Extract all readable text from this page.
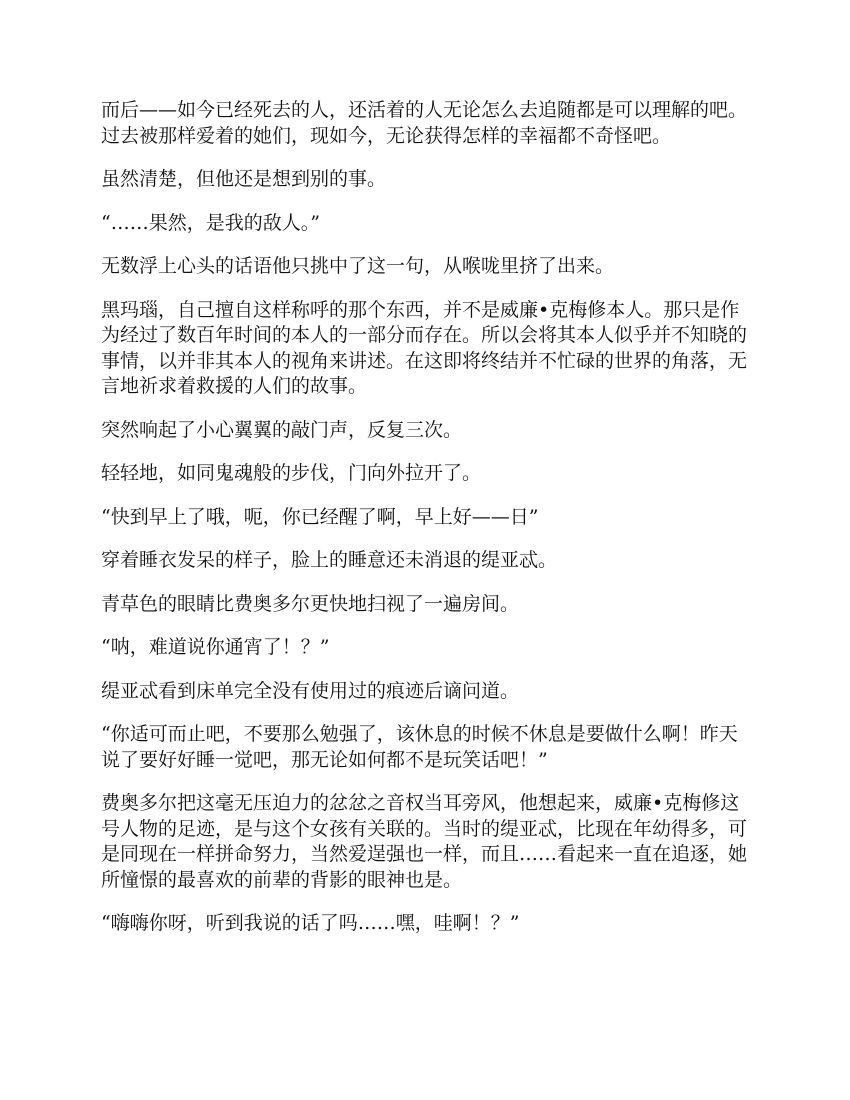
而后——如今已经死去的人，还活着的人无论怎么去追随都是可以理解的吧。过去被那样爱着的她们，现如今，无论获得怎样的幸福都不奇怪吧。

虽然清楚，但他还是想到别的事。

“……果然，是我的敌人。”

无数浮上心头的话语他只挑中了这一句，从喉咙里挤了出来。

黑玛瑙，自己擅自这样称呼的那个东西，并不是威廉•克梅修本人。那只是作为经过了数百年时间的本人的一部分而存在。所以会将其本人似乎并不知晓的事情，以并非其本人的视角来讲述。在这即将终结并不忙碌的世界的角落，无言地祈求着救援的人们的故事。

突然响起了小心翼翼的敲门声，反复三次。

轻轻地，如同鬼魂般的步伐，门向外拉开了。

“快到早上了哦，呃，你已经醒了啊，早上好——日”

穿着睡衣发呆的样子，脸上的睡意还未消退的缇亚忒。

青草色的眼睛比费奥多尔更快地扫视了一遍房间。

“呐，难道说你通宵了！？”

缇亚忒看到床单完全没有使用过的痕迹后谪问道。

“你适可而止吧，不要那么勉强了，该休息的时候不休息是要做什么啊！昨天说了要好好睡一觉吧，那无论如何都不是玩笑话吧！”

费奥多尔把这毫无压迫力的忿忿之音权当耳旁风，他想起来，威廉•克梅修这号人物的足迹，是与这个女孩有关联的。当时的缇亚忒，比现在年幼得多，可是同现在一样拼命努力，当然爱逞强也一样，而且……看起来一直在追逐，她所憧憬的最喜欢的前辈的背影的眼神也是。

“嗨嗨你呀，听到我说的话了吗……嘿，哇啊！？”
